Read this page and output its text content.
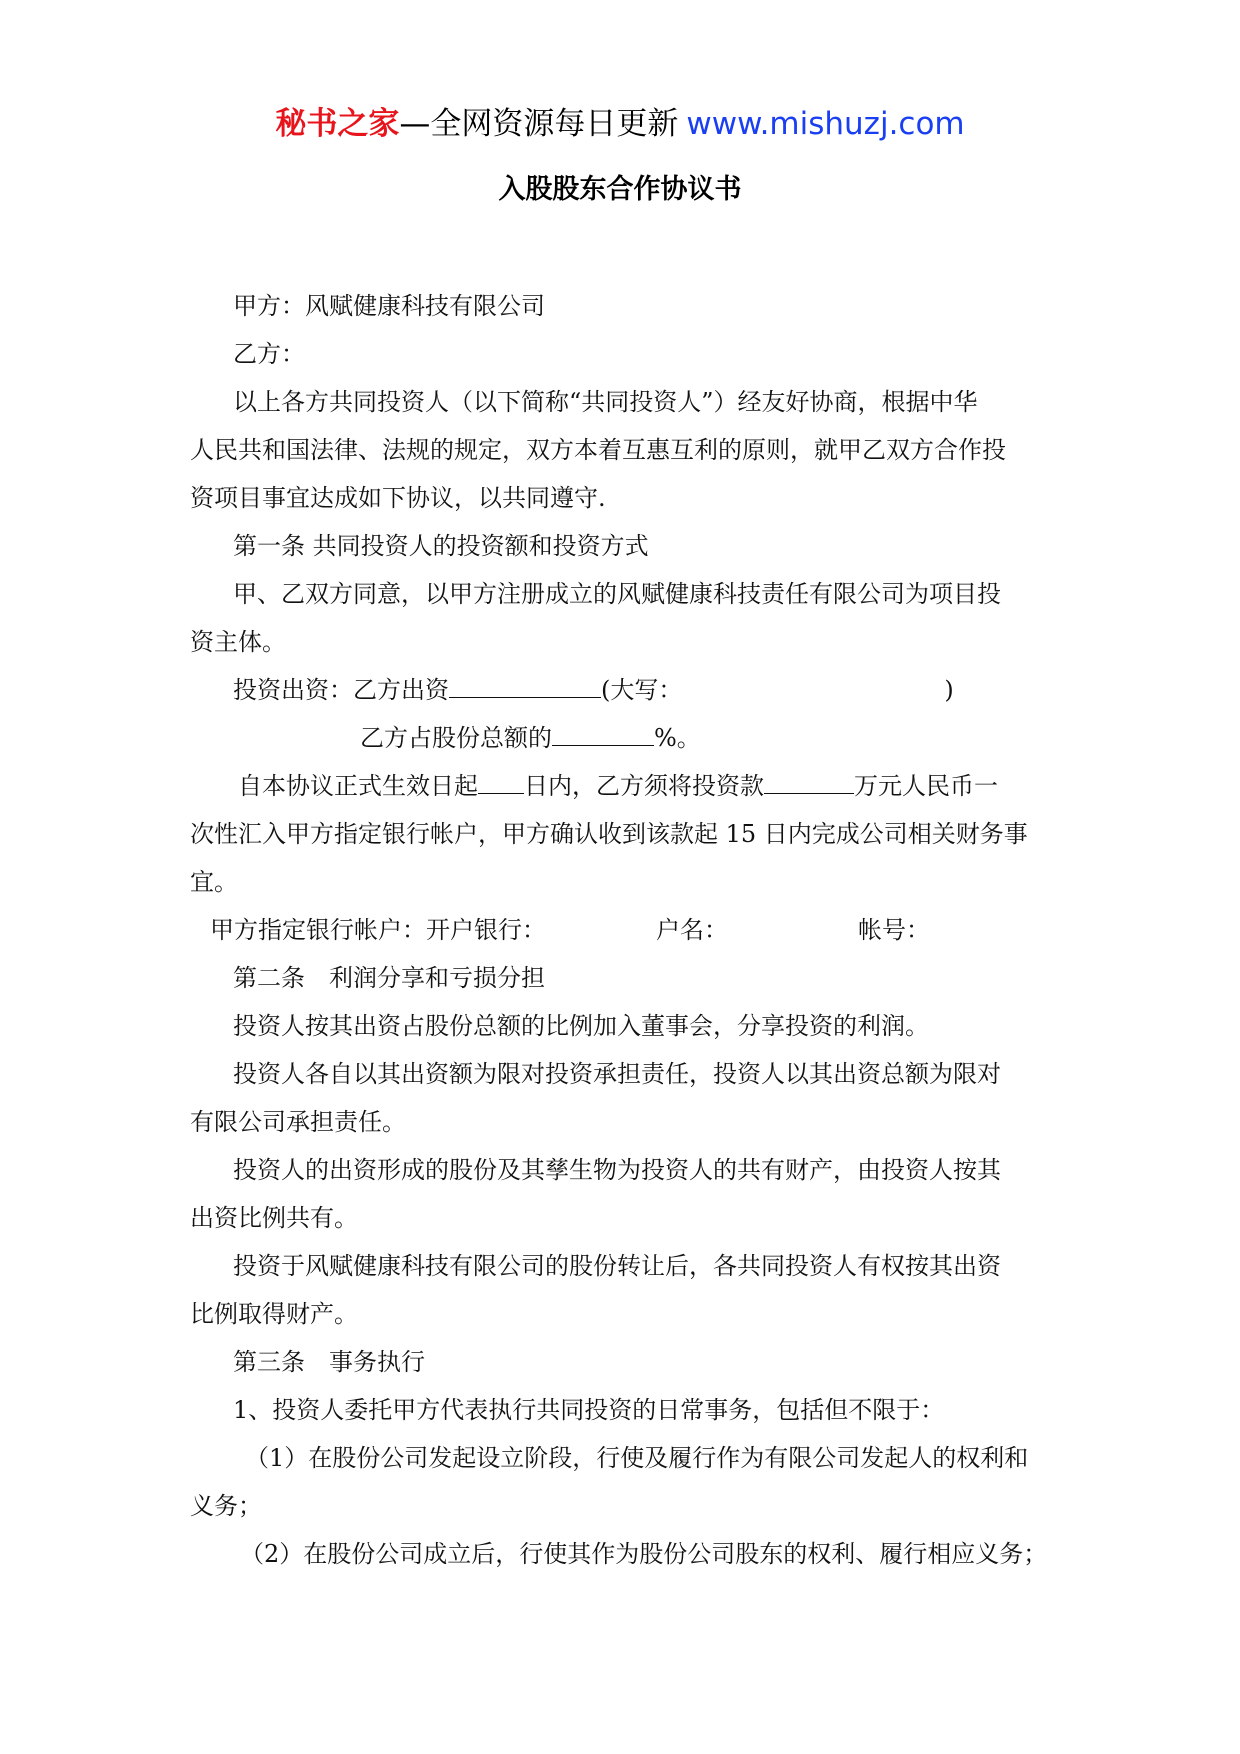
秘书之家—全网资源每日更新 www.mishuzj.com
入股股东合作协议书

甲方：风赋健康科技有限公司

乙方：

以上各方共同投资人（以下简称“共同投资人”）经友好协商，根据中华

人民共和国法律、法规的规定，双方本着互惠互利的原则，就甲乙双方合作投

资项目事宜达成如下协议，以共同遵守.

第一条 共同投资人的投资额和投资方式

甲、乙双方同意，以甲方注册成立的风赋健康科技责任有限公司为项目投

资主体。

投资出资：乙方出资	(大写：	)

乙方占股份总额的	%。

自本协议正式生效日起 日内，乙方须将投资款	万元人民币一

次性汇入甲方指定银行帐户，甲方确认收到该款起 15 日内完成公司相关财务事

宜。

甲方指定银行帐户：开户银行：	户名：	帐号：

第二条　利润分享和亏损分担

投资人按其出资占股份总额的比例加入董事会，分享投资的利润。

投资人各自以其出资额为限对投资承担责任，投资人以其出资总额为限对

有限公司承担责任。

投资人的出资形成的股份及其孳生物为投资人的共有财产，由投资人按其

出资比例共有。

投资于风赋健康科技有限公司的股份转让后，各共同投资人有权按其出资

比例取得财产。

第三条　事务执行

1、投资人委托甲方代表执行共同投资的日常事务，包括但不限于：

（1）在股份公司发起设立阶段，行使及履行作为有限公司发起人的权利和

义务；

（2）在股份公司成立后，行使其作为股份公司股东的权利、履行相应义务；
